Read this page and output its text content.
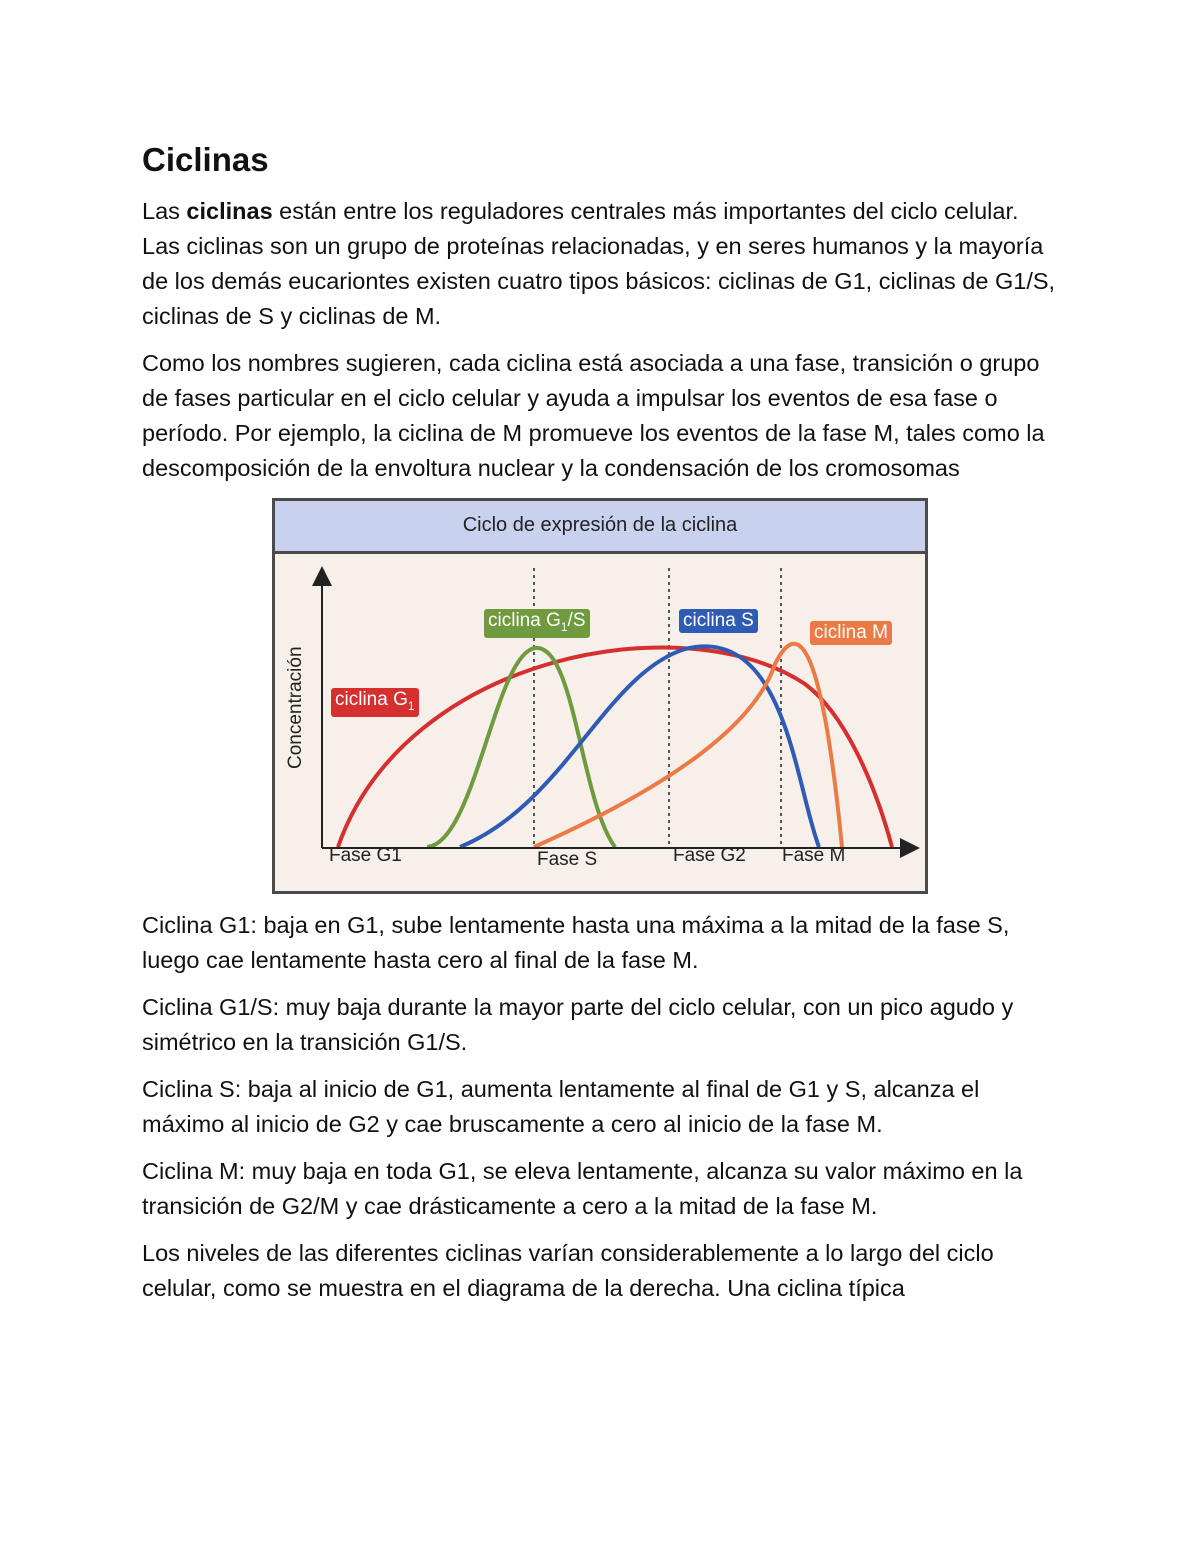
Ciclinas

Las ciclinas están entre los reguladores centrales más importantes del ciclo celular. Las ciclinas son un grupo de proteínas relacionadas, y en seres humanos y la mayoría de los demás eucariontes existen cuatro tipos básicos: ciclinas de G1, ciclinas de G1/S, ciclinas de S y ciclinas de M.

Como los nombres sugieren, cada ciclina está asociada a una fase, transición o grupo de fases particular en el ciclo celular y ayuda a impulsar los eventos de esa fase o período. Por ejemplo, la ciclina de M promueve los eventos de la fase M, tales como la descomposición de la envoltura nuclear y la condensación de los cromosomas

Ciclo de expresión de la ciclina
Concentración
Fase G1	Fase S	Fase G2 Fase M
ciclina $G_1$
ciclina $G_1/S$	ciclina S
ciclina M

Ciclina G1: baja en G1, sube lentamente hasta una máxima a la mitad de la fase S, luego cae lentamente hasta cero al final de la fase M.

Ciclina G1/S: muy baja durante la mayor parte del ciclo celular, con un pico agudo y simétrico en la transición G1/S.

Ciclina S: baja al inicio de G1, aumenta lentamente al final de G1 y S, alcanza el máximo al inicio de G2 y cae bruscamente a cero al inicio de la fase M.

Ciclina M: muy baja en toda G1, se eleva lentamente, alcanza su valor máximo en la transición de G2/M y cae drásticamente a cero a la mitad de la fase M.

Los niveles de las diferentes ciclinas varían considerablemente a lo largo del ciclo celular, como se muestra en el diagrama de la derecha. Una ciclina típica
